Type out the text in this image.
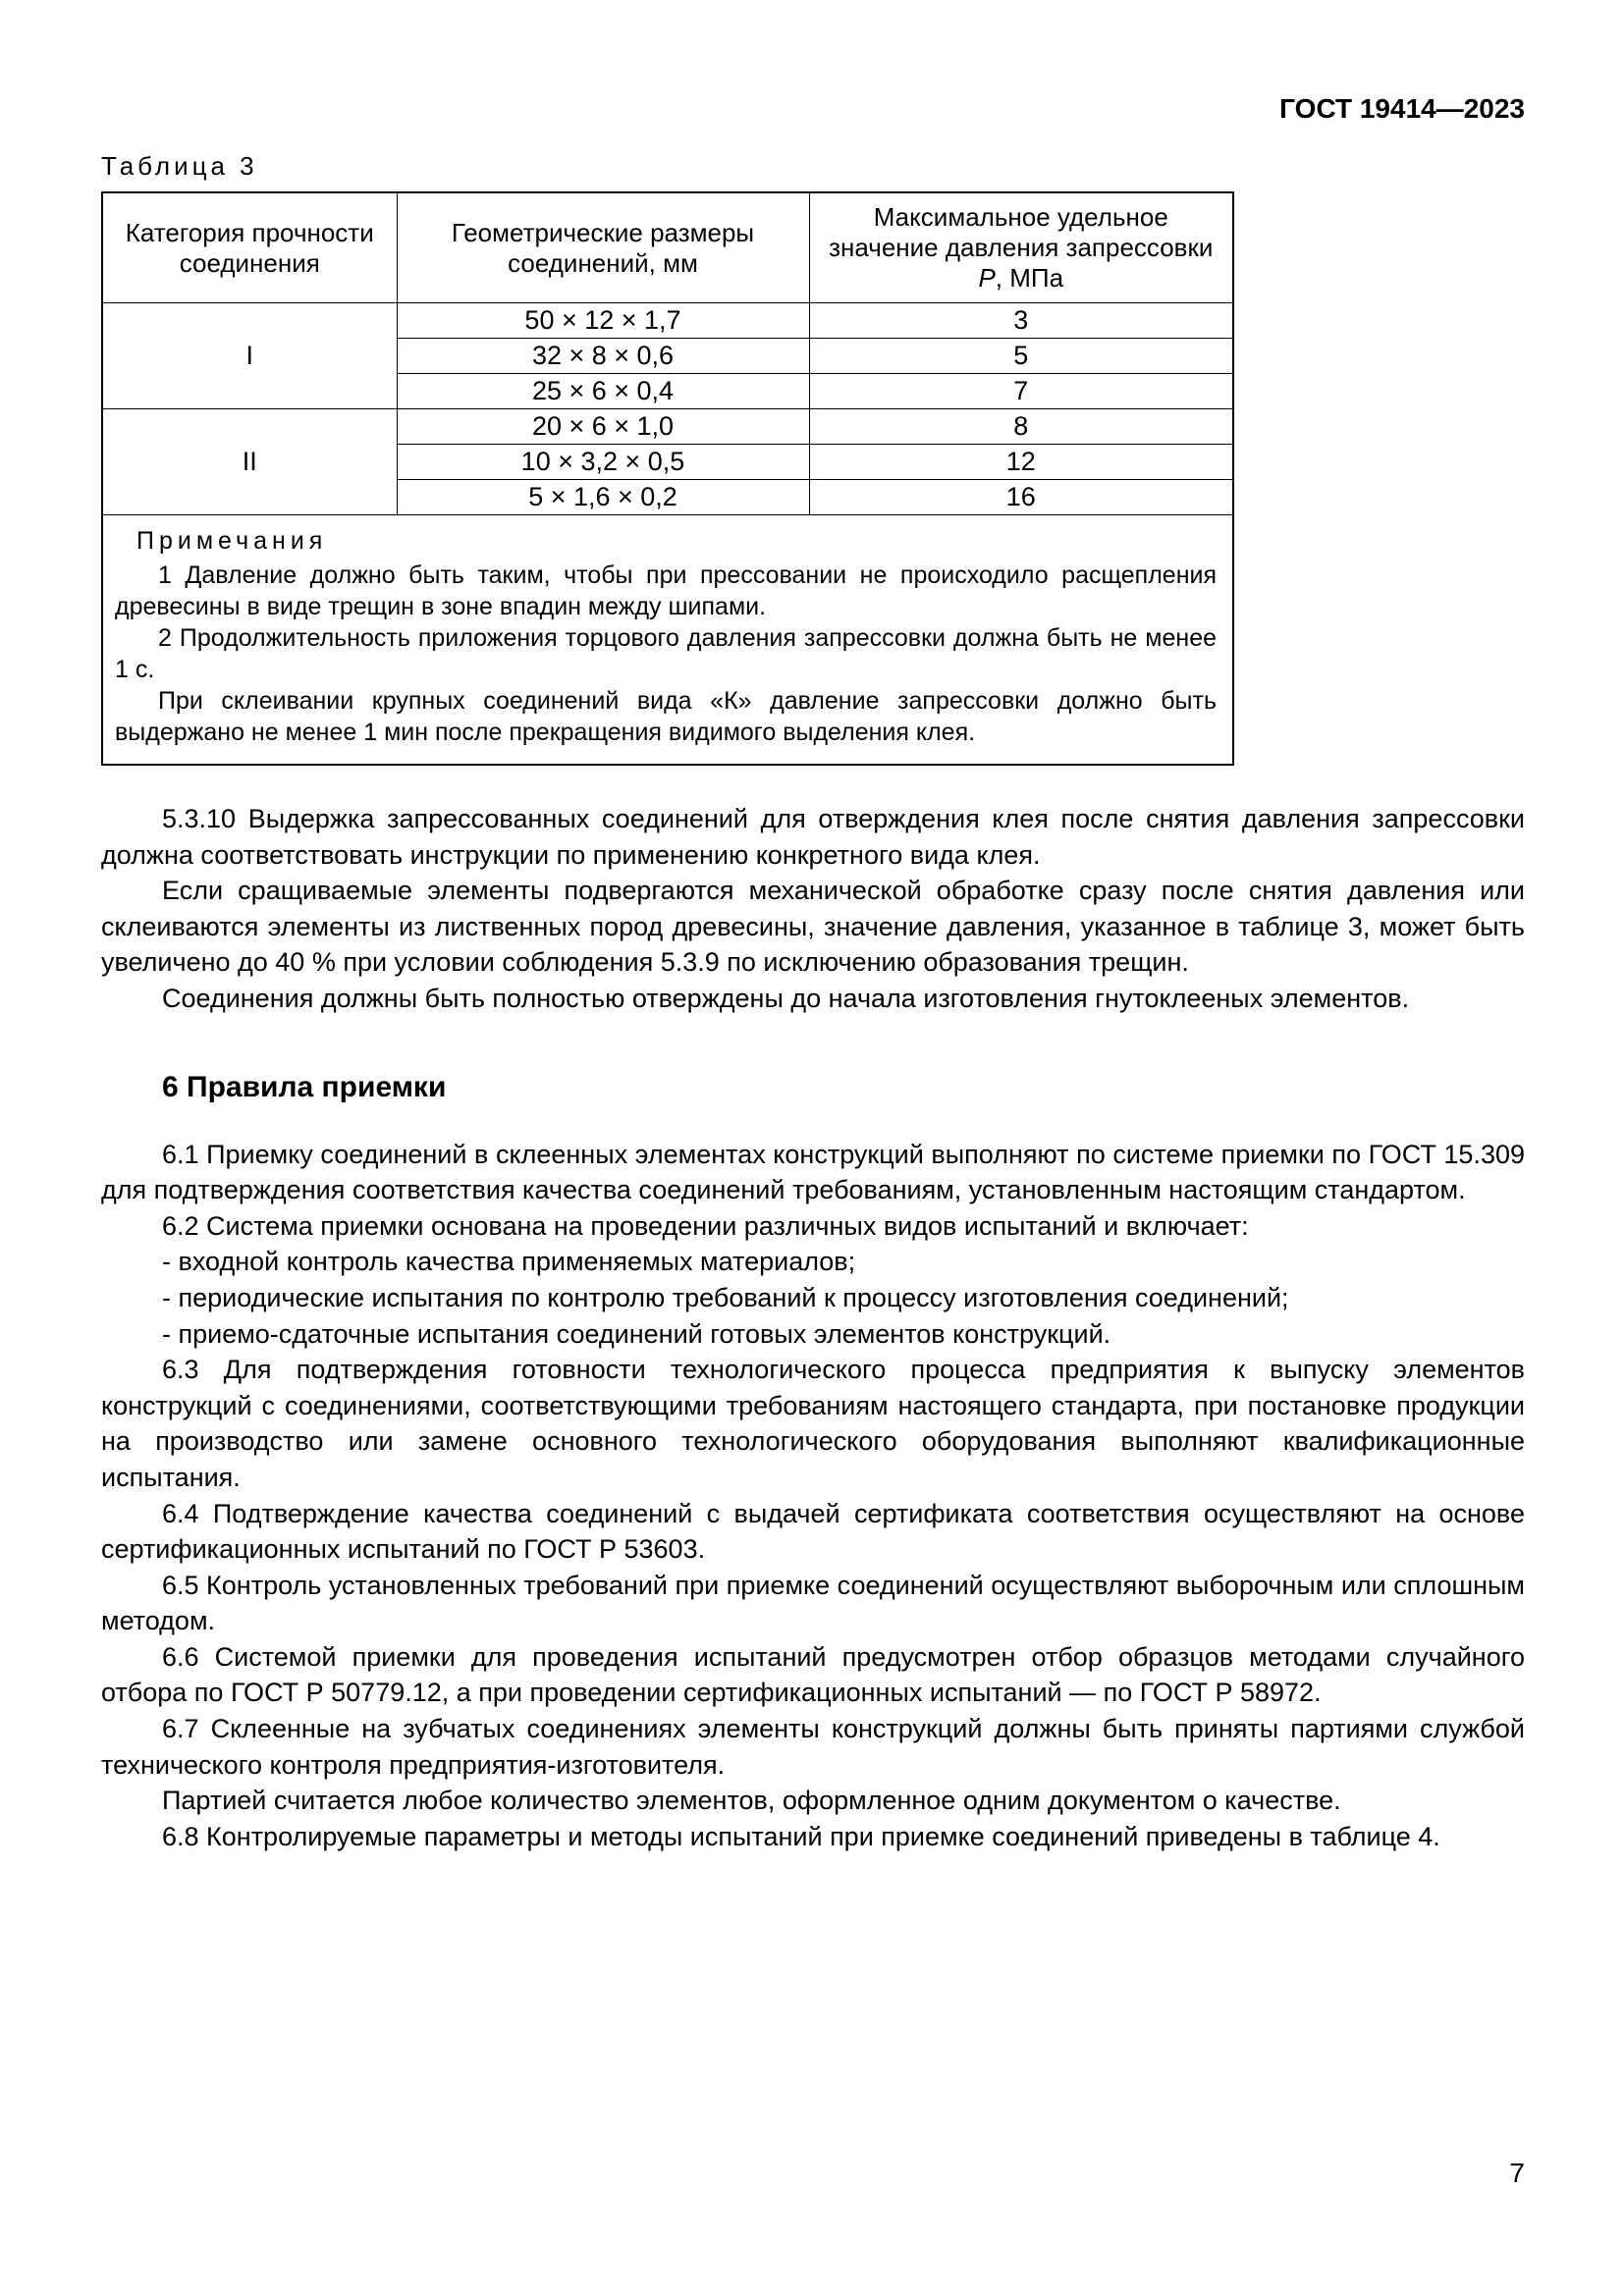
ГОСТ 19414—2023
Таблица 3
Категория прочности соединения	Геометрические размеры соединений, мм	Максимальное удельное значение давления запрессовки Р, МПа
I	50 × 12 × 1,7	3
	32 × 8 × 0,6	5
	25 × 6 × 0,4	7
II	20 × 6 × 1,0	8
	10 × 3,2 × 0,5	12
	5 × 1,6 × 0,2	16

Примечания

1 Давление должно быть таким, чтобы при прессовании не происходило расщепления древесины в виде трещин в зоне впадин между шипами.

2 Продолжительность приложения торцового давления запрессовки должна быть не менее 1 с.

При склеивании крупных соединений вида «К» давление запрессовки должно быть выдержано не менее 1 мин после прекращения видимого выделения клея.		

5.3.10 Выдержка запрессованных соединений для отверждения клея после снятия давления запрессовки должна соответствовать инструкции по применению конкретного вида клея.

Если сращиваемые элементы подвергаются механической обработке сразу после снятия давления или склеиваются элементы из лиственных пород древесины, значение давления, указанное в таблице 3, может быть увеличено до 40 % при условии соблюдения 5.3.9 по исключению образования трещин.

Соединения должны быть полностью отверждены до начала изготовления гнутоклееных элементов.

6 Правила приемки

6.1 Приемку соединений в склеенных элементах конструкций выполняют по системе приемки по ГОСТ 15.309 для подтверждения соответствия качества соединений требованиям, установленным настоящим стандартом.

6.2 Система приемки основана на проведении различных видов испытаний и включает:

- входной контроль качества применяемых материалов;

- периодические испытания по контролю требований к процессу изготовления соединений;

- приемо-сдаточные испытания соединений готовых элементов конструкций.

6.3 Для подтверждения готовности технологического процесса предприятия к выпуску элементов конструкций с соединениями, соответствующими требованиям настоящего стандарта, при постановке продукции на производство или замене основного технологического оборудования выполняют квалификационные испытания.

6.4 Подтверждение качества соединений с выдачей сертификата соответствия осуществляют на основе сертификационных испытаний по ГОСТ Р 53603.

6.5 Контроль установленных требований при приемке соединений осуществляют выборочным или сплошным методом.

6.6 Системой приемки для проведения испытаний предусмотрен отбор образцов методами случайного отбора по ГОСТ Р 50779.12, а при проведении сертификационных испытаний — по ГОСТ Р 58972.

6.7 Склеенные на зубчатых соединениях элементы конструкций должны быть приняты партиями службой технического контроля предприятия-изготовителя.

Партией считается любое количество элементов, оформленное одним документом о качестве.

6.8 Контролируемые параметры и методы испытаний при приемке соединений приведены в таблице 4.

7
